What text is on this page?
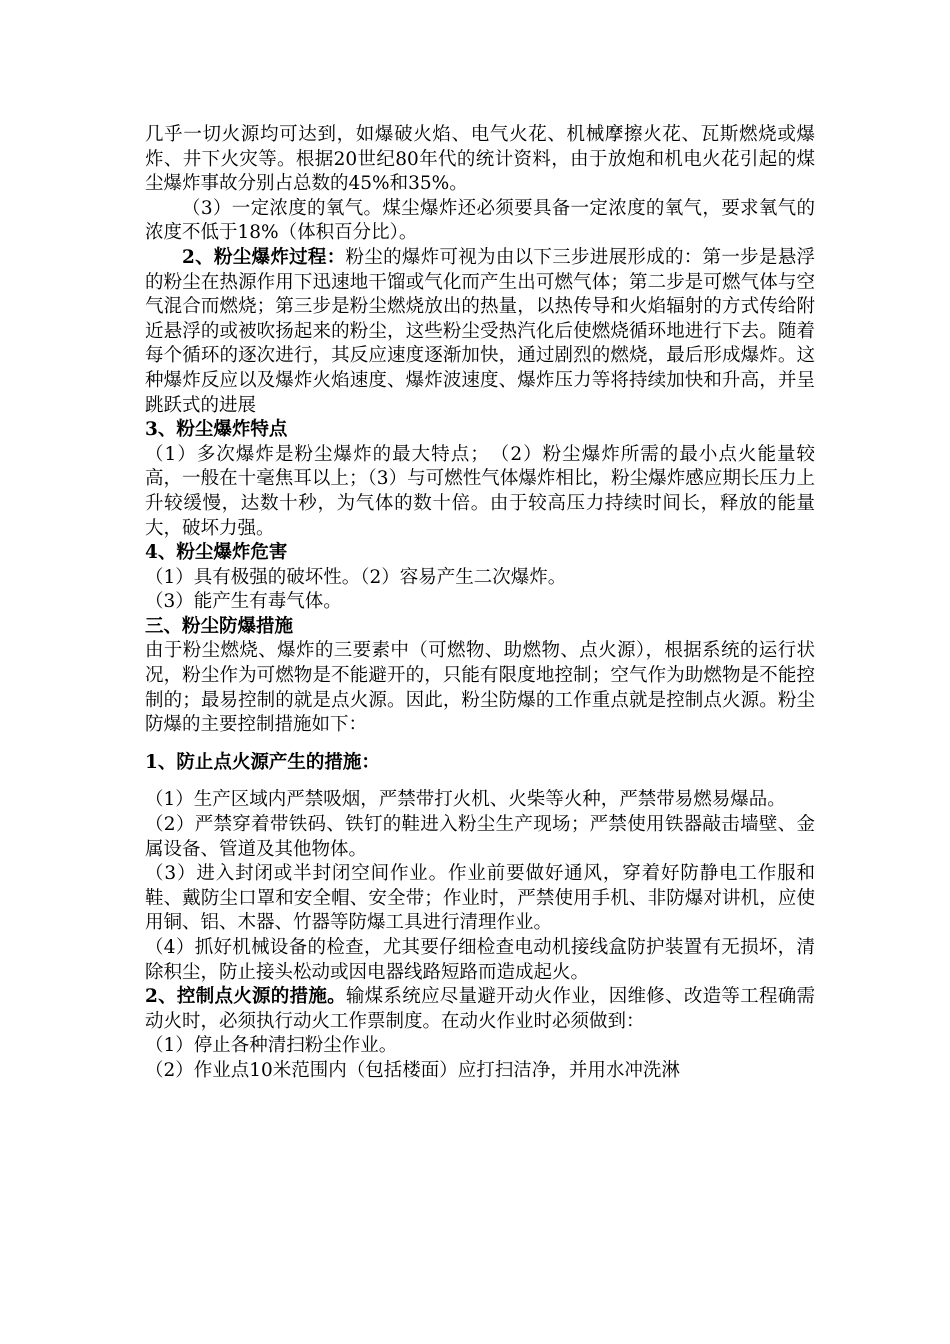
几乎一切火源均可达到，如爆破火焰、电气火花、机械摩擦火花、瓦斯燃烧或爆炸、井下火灾等。根据20世纪80年代的统计资料，由于放炮和机电火花引起的煤尘爆炸事故分别占总数的45%和35%。

（3）一定浓度的氧气。煤尘爆炸还必须要具备一定浓度的氧气，要求氧气的浓度不低于18%（体积百分比）。

2、粉尘爆炸过程：粉尘的爆炸可视为由以下三步进展形成的：第一步是悬浮的粉尘在热源作用下迅速地干馏或气化而产生出可燃气体；第二步是可燃气体与空气混合而燃烧；第三步是粉尘燃烧放出的热量，以热传导和火焰辐射的方式传给附近悬浮的或被吹扬起来的粉尘，这些粉尘受热汽化后使燃烧循环地进行下去。随着每个循环的逐次进行，其反应速度逐渐加快，通过剧烈的燃烧，最后形成爆炸。这种爆炸反应以及爆炸火焰速度、爆炸波速度、爆炸压力等将持续加快和升高，并呈跳跃式的进展

3、粉尘爆炸特点

（1）多次爆炸是粉尘爆炸的最大特点；　（2）粉尘爆炸所需的最小点火能量较高，一般在十毫焦耳以上；（3）与可燃性气体爆炸相比，粉尘爆炸感应期长压力上升较缓慢，达数十秒，为气体的数十倍。由于较高压力持续时间长，释放的能量大，破坏力强。

4、粉尘爆炸危害

（1）具有极强的破坏性。（2）容易产生二次爆炸。

（3）能产生有毒气体。

三、粉尘防爆措施

由于粉尘燃烧、爆炸的三要素中（可燃物、助燃物、点火源），根据系统的运行状况，粉尘作为可燃物是不能避开的，只能有限度地控制；空气作为助燃物是不能控制的；最易控制的就是点火源。因此，粉尘防爆的工作重点就是控制点火源。粉尘防爆的主要控制措施如下：

1、防止点火源产生的措施：

（1）生产区域内严禁吸烟，严禁带打火机、火柴等火种，严禁带易燃易爆品。

（2）严禁穿着带铁码、铁钉的鞋进入粉尘生产现场；严禁使用铁器敲击墙壁、金属设备、管道及其他物体。

（3）进入封闭或半封闭空间作业。作业前要做好通风，穿着好防静电工作服和鞋、戴防尘口罩和安全帽、安全带；作业时，严禁使用手机、非防爆对讲机，应使用铜、铝、木器、竹器等防爆工具进行清理作业。

（4）抓好机械设备的检查，尤其要仔细检查电动机接线盒防护装置有无损坏，清除积尘，防止接头松动或因电器线路短路而造成起火。

2、控制点火源的措施。输煤系统应尽量避开动火作业，因维修、改造等工程确需动火时，必须执行动火工作票制度。在动火作业时必须做到：

（1）停止各种清扫粉尘作业。

（2）作业点10米范围内（包括楼面）应打扫洁净，并用水冲洗淋
